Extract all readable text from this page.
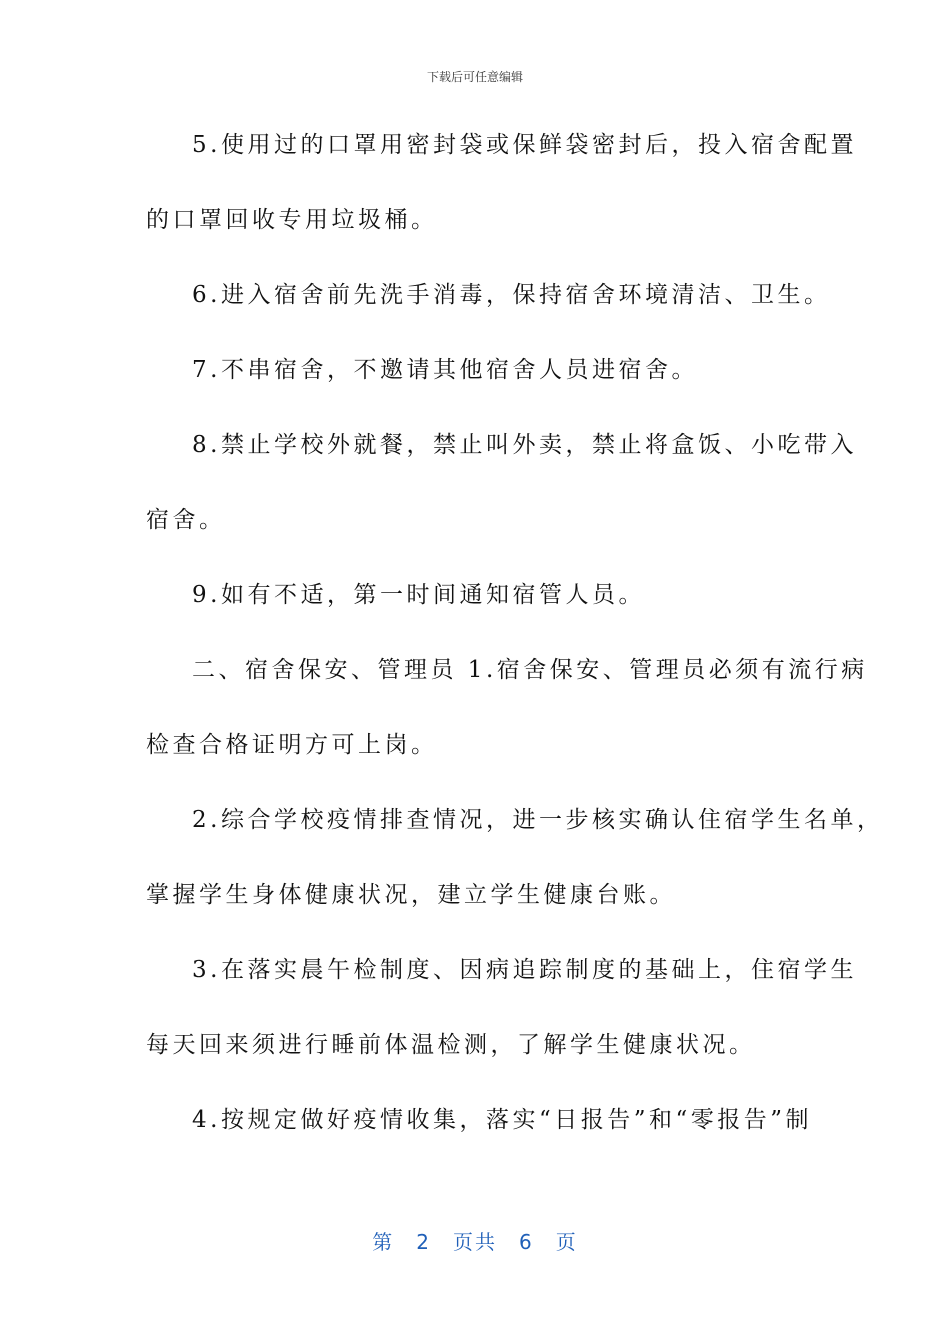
下载后可任意编辑
5.使用过的口罩用密封袋或保鲜袋密封后，投入宿舍配置
的口罩回收专用垃圾桶。
6.进入宿舍前先洗手消毒，保持宿舍环境清洁、卫生。
7.不串宿舍，不邀请其他宿舍人员进宿舍。
8.禁止学校外就餐，禁止叫外卖，禁止将盒饭、小吃带入
宿舍。
9.如有不适，第一时间通知宿管人员。
二、宿舍保安、管理员 1.宿舍保安、管理员必须有流行病
检查合格证明方可上岗。
2.综合学校疫情排查情况，进一步核实确认住宿学生名单，
掌握学生身体健康状况，建立学生健康台账。
3.在落实晨午检制度、因病追踪制度的基础上，住宿学生
每天回来须进行睡前体温检测，了解学生健康状况。
4.按规定做好疫情收集，落实“日报告”和“零报告”制
第 2 页共 6 页
